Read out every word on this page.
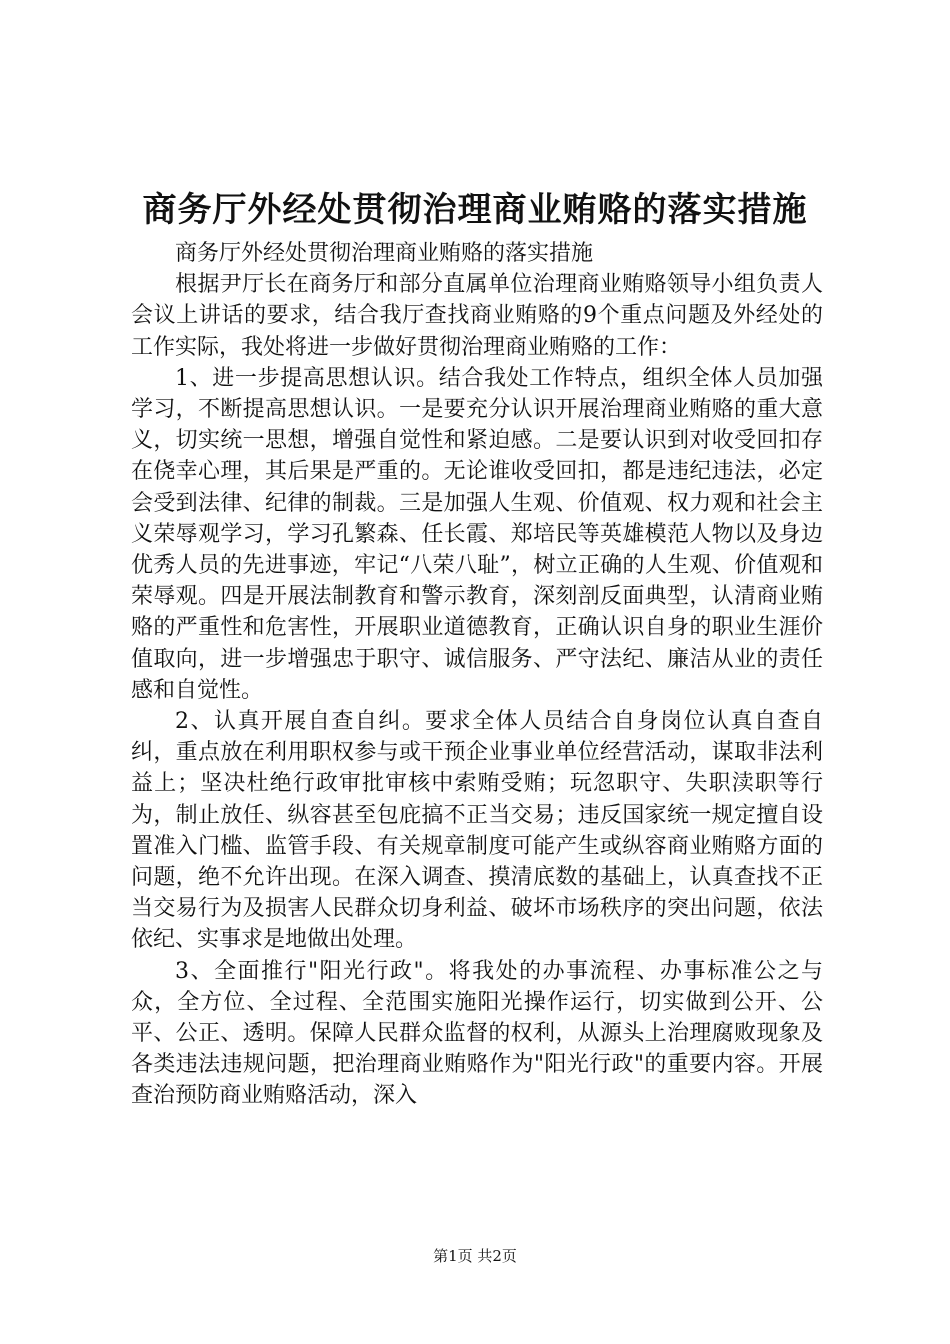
商务厅外经处贯彻治理商业贿赂的落实措施

商务厅外经处贯彻治理商业贿赂的落实措施

根据尹厅长在商务厅和部分直属单位治理商业贿赂领导小组负责人会议上讲话的要求，结合我厅查找商业贿赂的9个重点问题及外经处的工作实际，我处将进一步做好贯彻治理商业贿赂的工作：

1、进一步提高思想认识。结合我处工作特点，组织全体人员加强学习，不断提高思想认识。一是要充分认识开展治理商业贿赂的重大意义，切实统一思想，增强自觉性和紧迫感。二是要认识到对收受回扣存在侥幸心理，其后果是严重的。无论谁收受回扣，都是违纪违法，必定会受到法律、纪律的制裁。三是加强人生观、价值观、权力观和社会主义荣辱观学习，学习孔繁森、任长霞、郑培民等英雄模范人物以及身边优秀人员的先进事迹，牢记“八荣八耻”，树立正确的人生观、价值观和荣辱观。四是开展法制教育和警示教育，深刻剖反面典型，认清商业贿赂的严重性和危害性，开展职业道德教育，正确认识自身的职业生涯价值取向，进一步增强忠于职守、诚信服务、严守法纪、廉洁从业的责任感和自觉性。

2、认真开展自查自纠。要求全体人员结合自身岗位认真自查自纠，重点放在利用职权参与或干预企业事业单位经营活动，谋取非法利益上；坚决杜绝行政审批审核中索贿受贿；玩忽职守、失职渎职等行为，制止放任、纵容甚至包庇搞不正当交易；违反国家统一规定擅自设置准入门槛、监管手段、有关规章制度可能产生或纵容商业贿赂方面的问题，绝不允许出现。在深入调查、摸清底数的基础上，认真查找不正当交易行为及损害人民群众切身利益、破坏市场秩序的突出问题，依法依纪、实事求是地做出处理。

3、全面推行"阳光行政"。将我处的办事流程、办事标准公之与众，全方位、全过程、全范围实施阳光操作运行，切实做到公开、公平、公正、透明。保障人民群众监督的权利，从源头上治理腐败现象及各类违法违规问题，把治理商业贿赂作为"阳光行政"的重要内容。开展查治预防商业贿赂活动，深入

第1页 共2页
